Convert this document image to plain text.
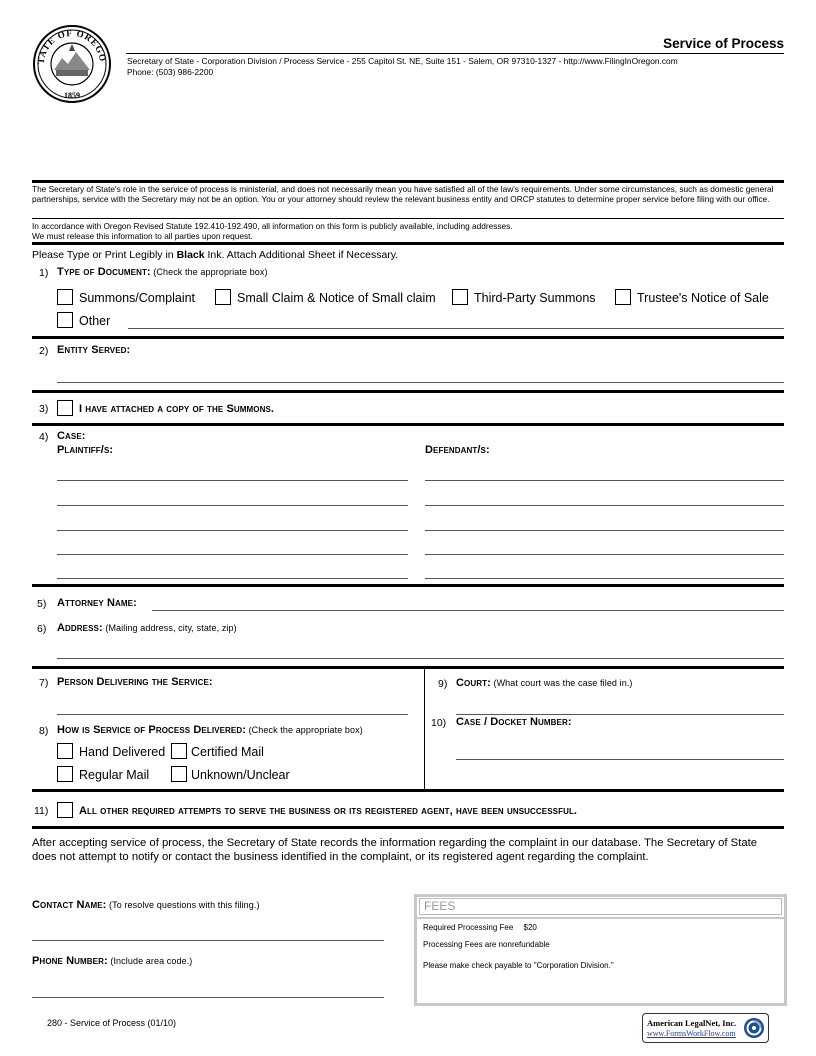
TATE OF OREGO
1859
Service of Process
Secretary of State - Corporation Division / Process Service - 255 Capitol St. NE, Suite 151 - Salem, OR 97310-1327 - http://www.FilingInOregon.com
Phone: (503) 986-2200
The Secretary of State's role in the service of process is ministerial, and does not necessarily mean you have satisfied all of the law's requirements. Under some circumstances, such as domestic general partnerships, service with the Secretary may not be an option. You or your attorney should review the relevant business entity and ORCP statutes to determine proper service before filing with our office.
In accordance with Oregon Revised Statute 192.410-192.490, all information on this form is publicly available, including addresses.
We must release this information to all parties upon request.
Please Type or Print Legibly in Black Ink. Attach Additional Sheet if Necessary.
1) Type of Document: (Check the appropriate box)
Summons/Complaint	Small Claim & Notice of Small claim	Third-Party Summons	Trustee's Notice of Sale
Other
2) Entity Served:
3)	I have attached a copy of the Summons.
4) Case:
Plaintiff/s:	Defendant/s:
5) Attorney Name:
6) Address: (Mailing address, city, state, zip)
7) Person Delivering the Service:
8) How is Service of Process Delivered: (Check the appropriate box)
Hand Delivered Certified Mail
Regular Mail	Unknown/Unclear
9) Court: (What court was the case filed in.)
10) Case / Docket Number:
11)	All other required attempts to serve the business or its registered agent, have been unsuccessful.
After accepting service of process, the Secretary of State records the information regarding the complaint in our database. The Secretary of State does not attempt to notify or contact the business identified in the complaint, or its registered agent regarding the complaint.
Contact Name: (To resolve questions with this filing.)
Phone Number: (Include area code.)
FEES
Required Processing Fee $20
Processing Fees are nonrefundable
Please make check payable to "Corporation Division."
280 - Service of Process (01/10)	American LegalNet, Inc.
www.FormsWorkFlow.com
